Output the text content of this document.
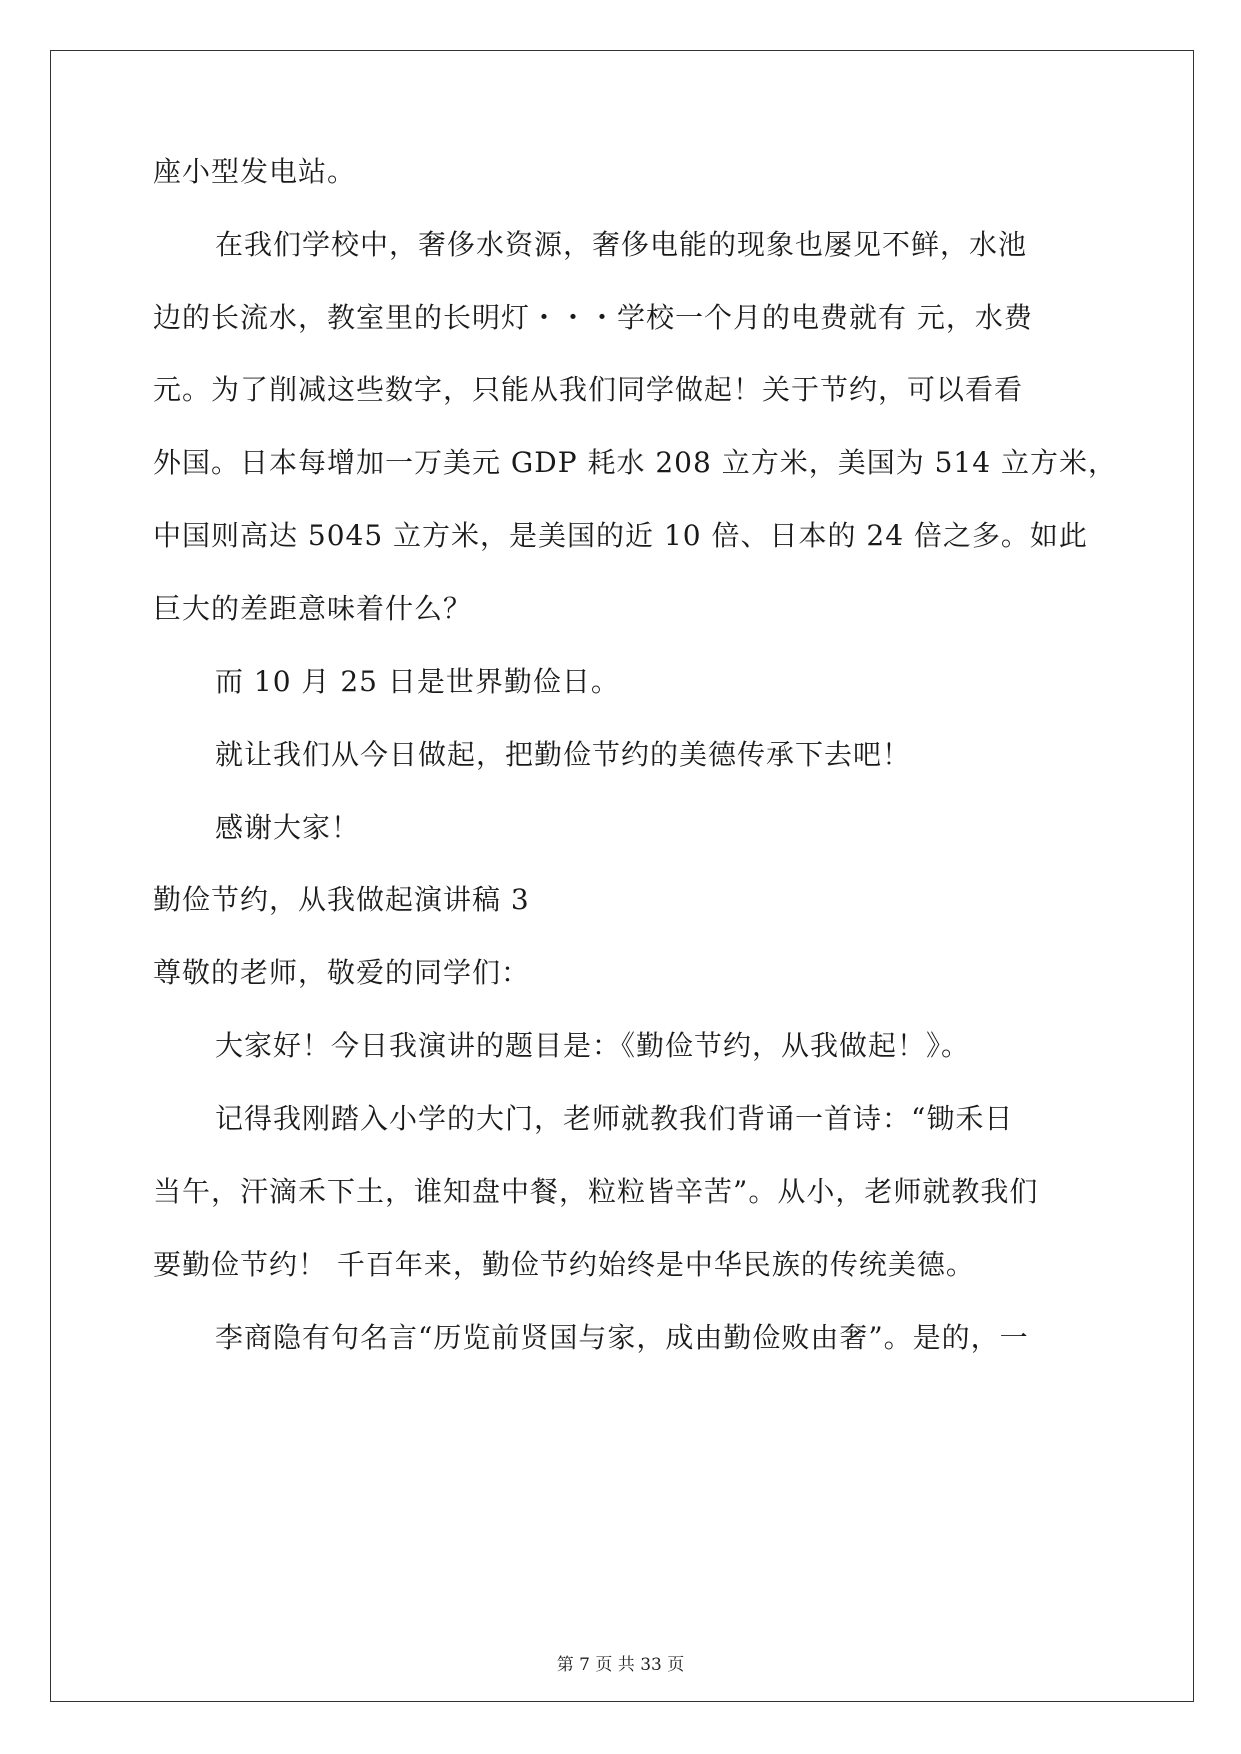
座小型发电站。
在我们学校中，奢侈水资源，奢侈电能的现象也屡见不鲜，水池
边的长流水，教室里的长明灯・・・学校一个月的电费就有 元，水费
元。为了削减这些数字，只能从我们同学做起！关于节约，可以看看
外国。日本每增加一万美元 GDP 耗水 208 立方米，美国为 514 立方米，
中国则高达 5045 立方米，是美国的近 10 倍、日本的 24 倍之多。如此
巨大的差距意味着什么？
而 10 月 25 日是世界勤俭日。
就让我们从今日做起，把勤俭节约的美德传承下去吧！
感谢大家！
勤俭节约，从我做起演讲稿 3
尊敬的老师，敬爱的同学们：
大家好！今日我演讲的题目是：《勤俭节约，从我做起！》。
记得我刚踏入小学的大门，老师就教我们背诵一首诗：“锄禾日
当午，汗滴禾下土，谁知盘中餐，粒粒皆辛苦”。从小，老师就教我们
要勤俭节约！ 千百年来，勤俭节约始终是中华民族的传统美德。
李商隐有句名言“历览前贤国与家，成由勤俭败由奢”。是的，一
第 7 页 共 33 页
